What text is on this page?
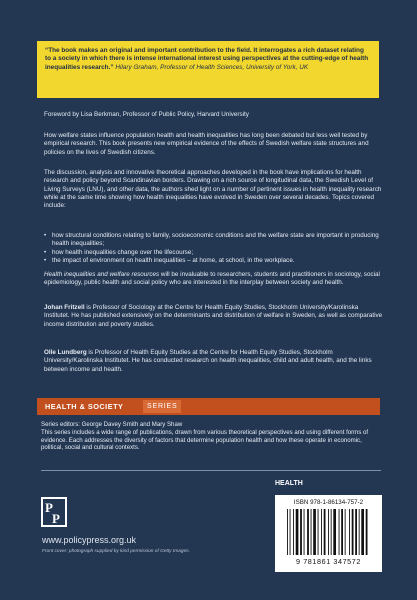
“The book makes an original and important contribution to the field. It interrogates a rich dataset relating to a society in which there is intense international interest using perspectives at the cutting-edge of health inequalities research.” Hilary Graham, Professor of Health Sciences, University of York, UK
Foreword by Lisa Berkman, Professor of Public Policy, Harvard University
How welfare states influence population health and health inequalities has long been debated but less well tested by empirical research. This book presents new empirical evidence of the effects of Swedish welfare state structures and policies on the lives of Swedish citizens.
The discussion, analysis and innovative theoretical approaches developed in the book have implications for health research and policy beyond Scandinavian borders. Drawing on a rich source of longitudinal data, the Swedish Level of Living Surveys (LNU), and other data, the authors shed light on a number of pertinent issues in health inequality research while at the same time showing how health inequalities have evolved in Sweden over several decades. Topics covered include:
• how structural conditions relating to family, socioeconomic conditions and the welfare state are important in producing health inequalities;
• how health inequalities change over the lifecourse;
• the impact of environment on health inequalities – at home, at school, in the workplace.
Health inequalities and welfare resources will be invaluable to researchers, students and practitioners in sociology, social epidemiology, public health and social policy who are interested in the interplay between society and health.
Johan Fritzell is Professor of Sociology at the Centre for Health Equity Studies, Stockholm University/Karolinska Institutet. He has published extensively on the determinants and distribution of welfare in Sweden, as well as comparative income distribution and poverty studies.
Olle Lundberg is Professor of Health Equity Studies at the Centre for Health Equity Studies, Stockholm University/Karolinska Institutet. He has conducted research on health inequalities, child and adult health, and the links between income and health.
HEALTH & SOCIETY	SERIES
Series editors: George Davey Smith and Mary Shaw
This series includes a wide range of publications, drawn from various theoretical perspectives and using different forms of evidence. Each addresses the diversity of factors that determine population health and how these operate in economic, political, social and cultural contexts.
P
P
www.policypress.org.uk
Front cover: photograph supplied by kind permission of Getty Images.
HEALTH
ISBN 978-1-86134-757-2
9 781861 347572
